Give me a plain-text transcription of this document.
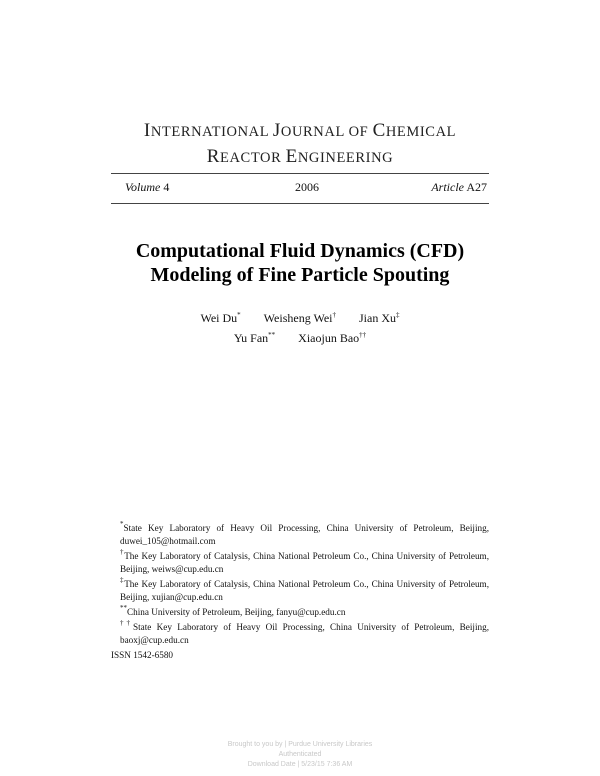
INTERNATIONAL JOURNAL OF CHEMICAL
REACTOR ENGINEERING
Volume 4	2006	Article A27
Computational Fluid Dynamics (CFD)
Modeling of Fine Particle Spouting
Wei Du* Weisheng Wei† Jian Xu‡
Yu Fan** Xiaojun Bao††
*State Key Laboratory of Heavy Oil Processing, China University of Petroleum, Beijing, duwei_105@hotmail.com
†The Key Laboratory of Catalysis, China National Petroleum Co., China University of Petroleum, Beijing, weiws@cup.edu.cn
‡The Key Laboratory of Catalysis, China National Petroleum Co., China University of Petroleum, Beijing, xujian@cup.edu.cn
**China University of Petroleum, Beijing, fanyu@cup.edu.cn
††State Key Laboratory of Heavy Oil Processing, China University of Petroleum, Beijing, baoxj@cup.edu.cn
ISSN 1542-6580
Brought to you by | Purdue University Libraries
Authenticated
Download Date | 5/23/15 7:36 AM
